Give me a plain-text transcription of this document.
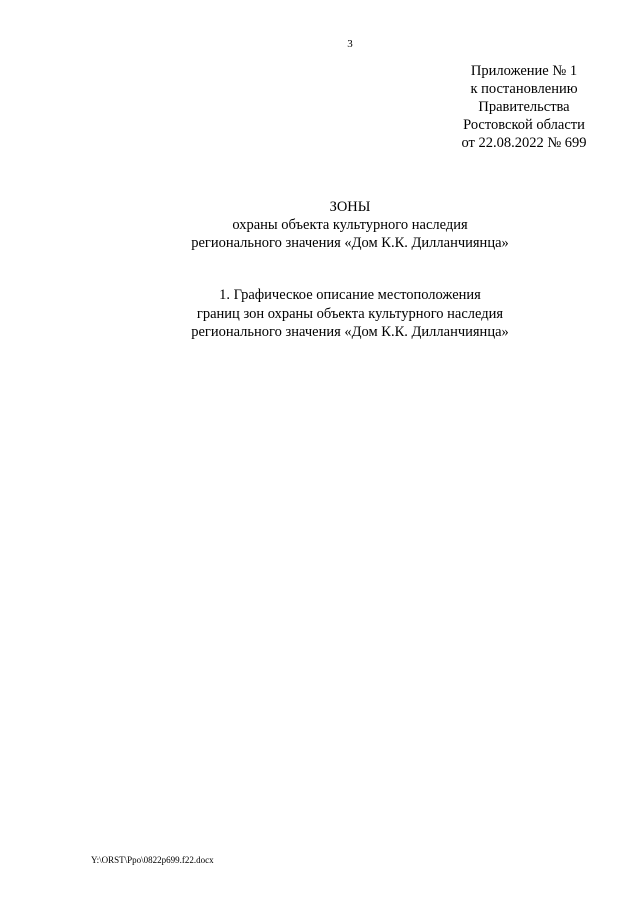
3
Приложение № 1
к постановлению
Правительства
Ростовской области
от 22.08.2022 № 699
ЗОНЫ
охраны объекта культурного наследия
регионального значения «Дом К.К. Дилланчиянца»
1. Графическое описание местоположения
границ зон охраны объекта культурного наследия
регионального значения «Дом К.К. Дилланчиянца»
Y:\ORST\Ppo\0822p699.f22.docx
